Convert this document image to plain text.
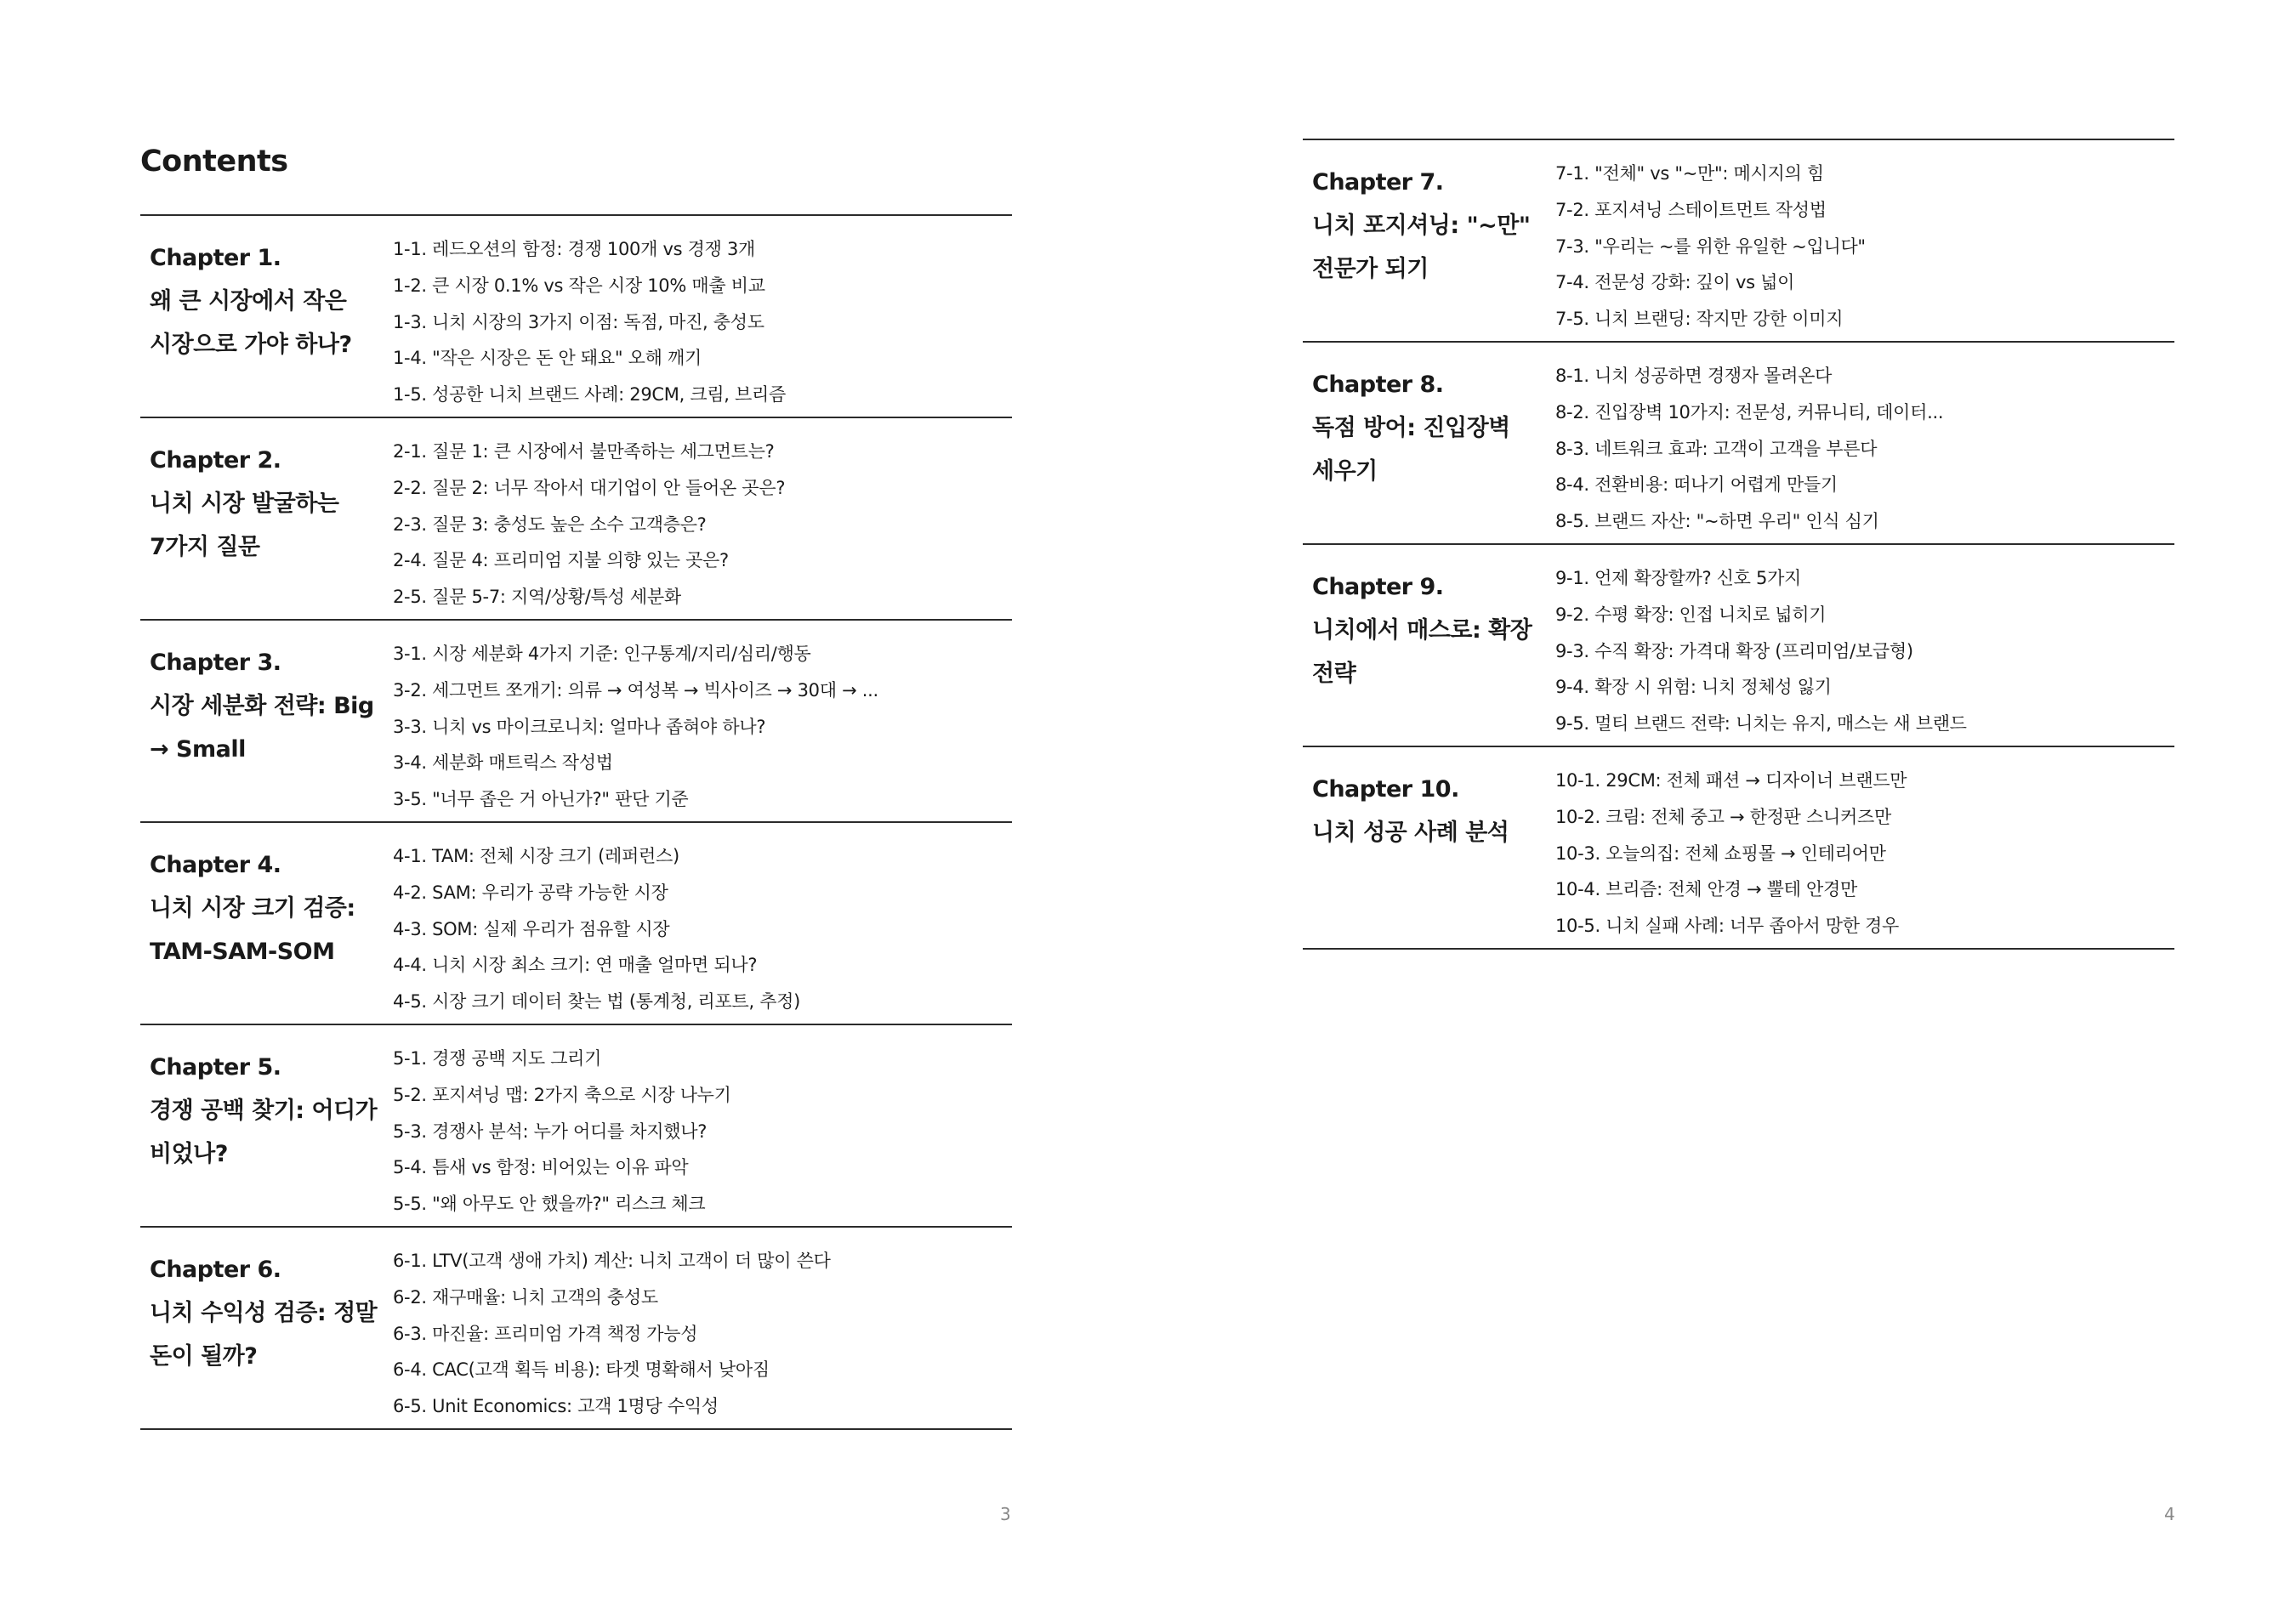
Contents
Chapter 1.
왜 큰 시장에서 작은
시장으로 가야 하나?
1-1. 레드오션의 함정: 경쟁 100개 vs 경쟁 3개
1-2. 큰 시장 0.1% vs 작은 시장 10% 매출 비교
1-3. 니치 시장의 3가지 이점: 독점, 마진, 충성도
1-4. "작은 시장은 돈 안 돼요" 오해 깨기
1-5. 성공한 니치 브랜드 사례: 29CM, 크림, 브리즘
Chapter 2.
니치 시장 발굴하는
7가지 질문
2-1. 질문 1: 큰 시장에서 불만족하는 세그먼트는?
2-2. 질문 2: 너무 작아서 대기업이 안 들어온 곳은?
2-3. 질문 3: 충성도 높은 소수 고객층은?
2-4. 질문 4: 프리미엄 지불 의향 있는 곳은?
2-5. 질문 5-7: 지역/상황/특성 세분화
Chapter 3.
시장 세분화 전략: Big
→ Small
3-1. 시장 세분화 4가지 기준: 인구통계/지리/심리/행동
3-2. 세그먼트 쪼개기: 의류 → 여성복 → 빅사이즈 → 30대 → ...
3-3. 니치 vs 마이크로니치: 얼마나 좁혀야 하나?
3-4. 세분화 매트릭스 작성법
3-5. "너무 좁은 거 아닌가?" 판단 기준
Chapter 4.
니치 시장 크기 검증:
TAM-SAM-SOM
4-1. TAM: 전체 시장 크기 (레퍼런스)
4-2. SAM: 우리가 공략 가능한 시장
4-3. SOM: 실제 우리가 점유할 시장
4-4. 니치 시장 최소 크기: 연 매출 얼마면 되나?
4-5. 시장 크기 데이터 찾는 법 (통계청, 리포트, 추정)
Chapter 5.
경쟁 공백 찾기: 어디가
비었나?
5-1. 경쟁 공백 지도 그리기
5-2. 포지셔닝 맵: 2가지 축으로 시장 나누기
5-3. 경쟁사 분석: 누가 어디를 차지했나?
5-4. 틈새 vs 함정: 비어있는 이유 파악
5-5. "왜 아무도 안 했을까?" 리스크 체크
Chapter 6.
니치 수익성 검증: 정말
돈이 될까?
6-1. LTV(고객 생애 가치) 계산: 니치 고객이 더 많이 쓴다
6-2. 재구매율: 니치 고객의 충성도
6-3. 마진율: 프리미엄 가격 책정 가능성
6-4. CAC(고객 획득 비용): 타겟 명확해서 낮아짐
6-5. Unit Economics: 고객 1명당 수익성
3
Chapter 7.
니치 포지셔닝: "~만"
전문가 되기
7-1. "전체" vs "~만": 메시지의 힘
7-2. 포지셔닝 스테이트먼트 작성법
7-3. "우리는 ~를 위한 유일한 ~입니다"
7-4. 전문성 강화: 깊이 vs 넓이
7-5. 니치 브랜딩: 작지만 강한 이미지
Chapter 8.
독점 방어: 진입장벽
세우기
8-1. 니치 성공하면 경쟁자 몰려온다
8-2. 진입장벽 10가지: 전문성, 커뮤니티, 데이터...
8-3. 네트워크 효과: 고객이 고객을 부른다
8-4. 전환비용: 떠나기 어렵게 만들기
8-5. 브랜드 자산: "~하면 우리" 인식 심기
Chapter 9.
니치에서 매스로: 확장
전략
9-1. 언제 확장할까? 신호 5가지
9-2. 수평 확장: 인접 니치로 넓히기
9-3. 수직 확장: 가격대 확장 (프리미엄/보급형)
9-4. 확장 시 위험: 니치 정체성 잃기
9-5. 멀티 브랜드 전략: 니치는 유지, 매스는 새 브랜드
Chapter 10.
니치 성공 사례 분석
10-1. 29CM: 전체 패션 → 디자이너 브랜드만
10-2. 크림: 전체 중고 → 한정판 스니커즈만
10-3. 오늘의집: 전체 쇼핑몰 → 인테리어만
10-4. 브리즘: 전체 안경 → 뿔테 안경만
10-5. 니치 실패 사례: 너무 좁아서 망한 경우
4
